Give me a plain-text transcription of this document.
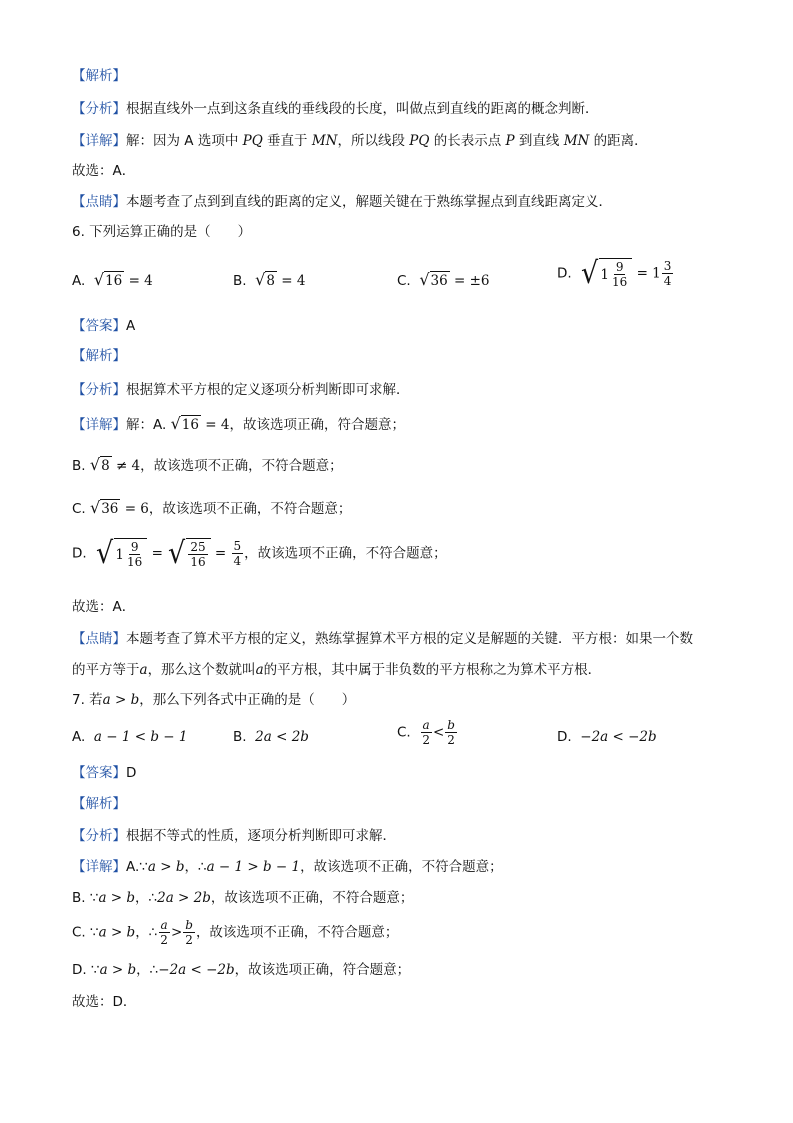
【解析】
【分析】根据直线外一点到这条直线的垂线段的长度，叫做点到直线的距离的概念判断．
【详解】解：因为 A 选项中 PQ 垂直于 MN，所以线段 PQ 的长表示点 P 到直线 MN 的距离．
故选：A．
【点睛】本题考查了点到到直线的距离的定义，解题关键在于熟练掌握点到直线距离定义．
6. 下列运算正确的是（　　）
A. √16 = 4	B. √8 = 4	C. √36 = ±6	D. √ $1 \frac{9}{16} = 1 \frac{3}{4}$
【答案】A
【解析】
【分析】根据算术平方根的定义逐项分析判断即可求解．
【详解】解：A. √16 = 4，故该选项正确，符合题意；
B. √8 ≠ 4，故该选项不正确，不符合题意；
C. √36 = 6，故该选项不正确，不符合题意；
D. √ $1 \frac{9}{16}$ = √ $\frac{25}{16} = \frac{5}{4}$ ，故该选项不正确，不符合题意；
故选：A．
【点睛】本题考查了算术平方根的定义，熟练掌握算术平方根的定义是解题的关键．平方根：如果一个数
的平方等于a，那么这个数就叫a的平方根，其中属于非负数的平方根称之为算术平方根．
7. 若a > b，那么下列各式中正确的是（　　）
A. a − 1 < b − 1	B. 2a < 2b	C. $\frac{a}{2} < \frac{b}{2}$	D. −2a < −2b
【答案】D
【解析】
【分析】根据不等式的性质，逐项分析判断即可求解．
【详解】A.∵a > b，∴a − 1 > b − 1，故该选项不正确，不符合题意；
B. ∵a > b，∴2a > 2b，故该选项不正确，不符合题意；
C. ∵a > b，∴ $\frac{a}{2} > \frac{b}{2}$ ，故该选项不正确，不符合题意；
D. ∵a > b，∴−2a < −2b，故该选项正确，符合题意；
故选：D．
